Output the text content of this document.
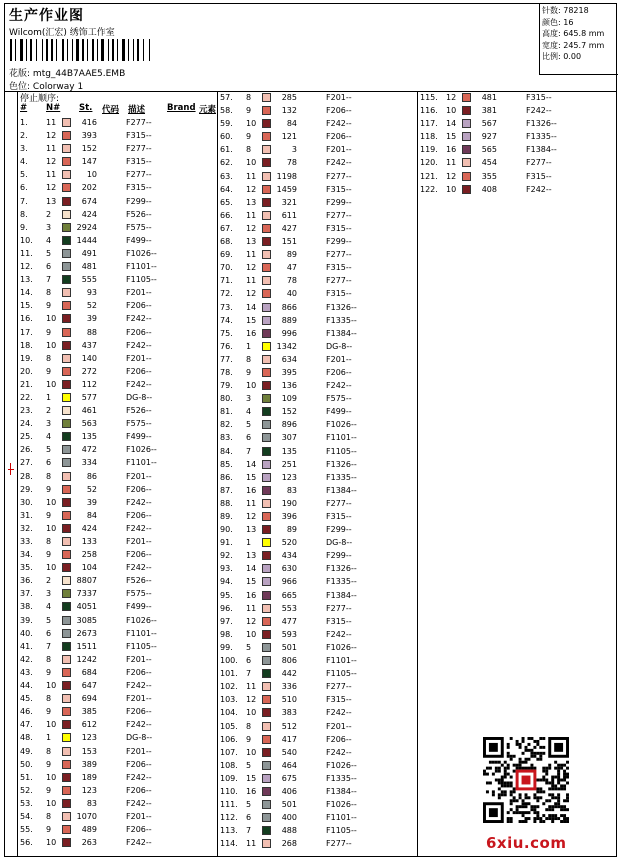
生产作业图
Wilcom(汇宏) 绣饰工作室
花版: mtg_44B7AAE5.EMB
色位: Colorway 1
针数: 78218
颜色: 16
高度: 645.8 mm
宽度: 245.7 mm
比例: 0.00
停止顺序:
# N# St. 代码 描述	Brand 元素
1. 11	416	F277--
2. 12	393	F315--
3. 11	152	F277--
4. 12	147	F315--
5. 11	10	F277--
6. 12	202	F315--
7. 13	674	F299--
8. 2	424	F526--
9. 3	2924	F575--
10. 4	1444	F499--
11. 5	491	F1026--
12. 6	481	F1101--
13. 7	555	F1105--
14. 8	93	F201--
15. 9	52	F206--
16. 10	39	F242--
17. 9	88	F206--
18. 10	437	F242--
19. 8	140	F201--
20. 9	272	F206--
21. 10	112	F242--
22. 1	577	DG-8--
23. 2	461	F526--
24. 3	563	F575--
25. 4	135	F499--
26. 5	472	F1026--
27. 6	334	F1101--
28. 8	86	F201--
29. 9	52	F206--
30. 10	39	F242--
31. 9	84	F206--
32. 10	424	F242--
33. 8	133	F201--
34. 9	258	F206--
35. 10	104	F242--
36. 2	8807	F526--
37. 3	7337	F575--
38. 4	4051	F499--
39. 5	3085	F1026--
40. 6	2673	F1101--
41. 7	1511	F1105--
42. 8	1242	F201--
43. 9	684	F206--
44. 10	647	F242--
45. 8	694	F201--
46. 9	385	F206--
47. 10	612	F242--
48. 1	123	DG-8--
49. 8	153	F201--
50. 9	389	F206--
51. 10	189	F242--
52. 9	123	F206--
53. 10	83	F242--
54. 8	1070	F201--
55. 9	489	F206--
56. 10	263	F242--
57. 8	285	F201--
58. 9	132	F206--
59. 10	84	F242--
60. 9	121	F206--
61. 8	3	F201--
62. 10	78	F242--
63. 11	1198	F277--
64. 12	1459	F315--
65. 13	321	F299--
66. 11	611	F277--
67. 12	427	F315--
68. 13	151	F299--
69. 11	89	F277--
70. 12	47	F315--
71. 11	78	F277--
72. 12	40	F315--
73. 14	866	F1326--
74. 15	889	F1335--
75. 16	996	F1384--
76. 1	1342	DG-8--
77. 8	634	F201--
78. 9	395	F206--
79. 10	136	F242--
80. 3	109	F575--
81. 4	152	F499--
82. 5	896	F1026--
83. 6	307	F1101--
84. 7	135	F1105--
85. 14	251	F1326--
86. 15	123	F1335--
87. 16	83	F1384--
88. 11	190	F277--
89. 12	396	F315--
90. 13	89	F299--
91. 1	520	DG-8--
92. 13	434	F299--
93. 14	630	F1326--
94. 15	966	F1335--
95. 16	665	F1384--
96. 11	553	F277--
97. 12	477	F315--
98. 10	593	F242--
99. 5	501	F1026--
100. 6	806	F1101--
101. 7	442	F1105--
102. 11	336	F277--
103. 12	510	F315--
104. 10	383	F242--
105. 8	512	F201--
106. 9	417	F206--
107. 10	540	F242--
108. 5	464	F1026--
109. 15	675	F1335--
110. 16	406	F1384--
111. 5	501	F1026--
112. 6	400	F1101--
113. 7	488	F1105--
114. 11	268	F277--
115. 12	481	F315--
116. 10	381	F242--
117. 14	567	F1326--
118. 15	927	F1335--
119. 16	565	F1384--
120. 11	454	F277--
121. 12	355	F315--
122. 10	408	F242--
6xiu.com
